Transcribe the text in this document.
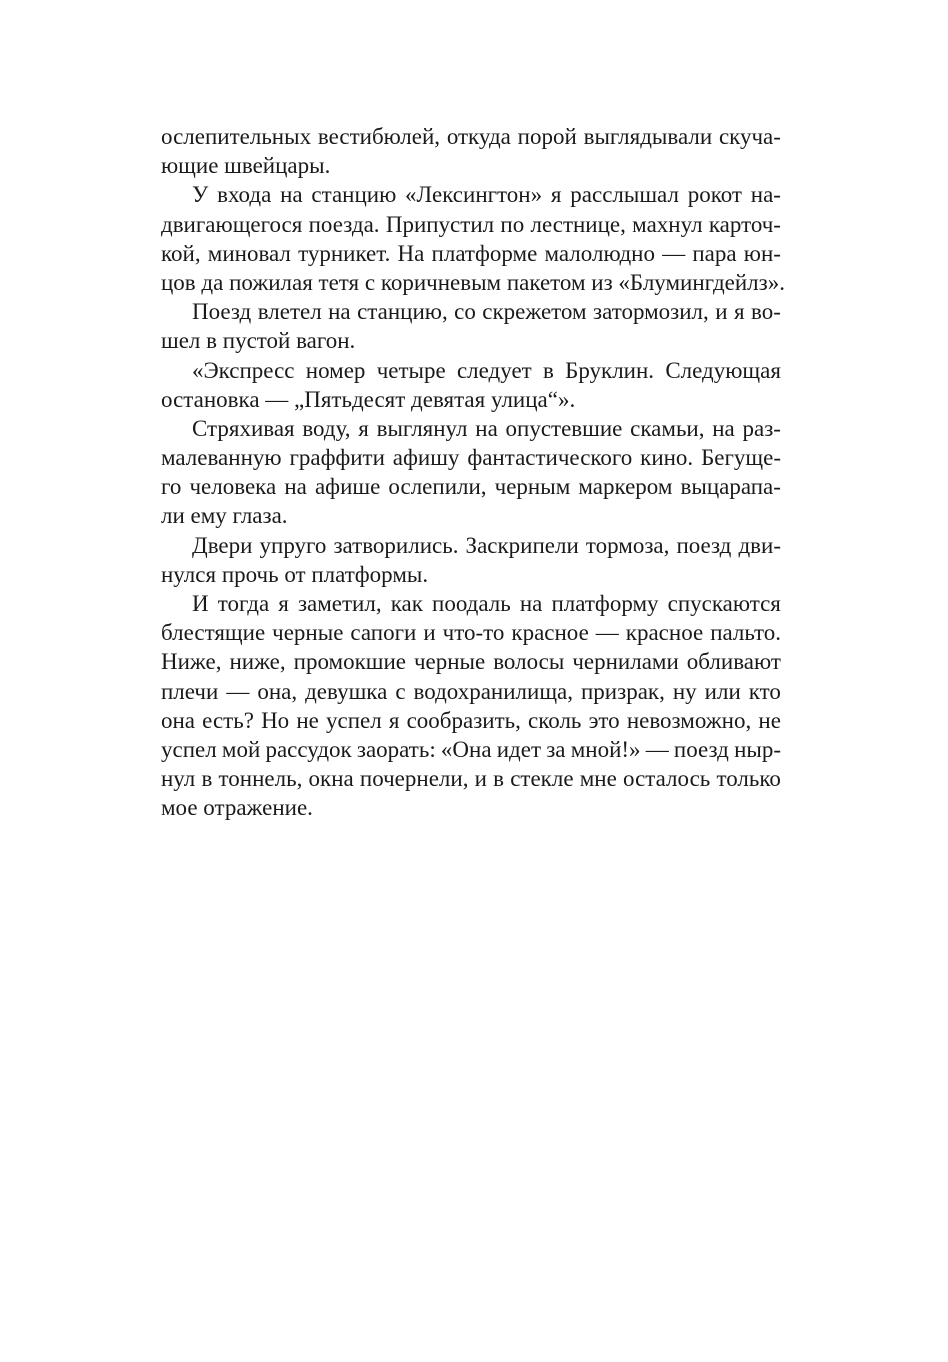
ослепительных вестибюлей, откуда порой выглядывали скуча-
ющие швейцары.
У входа на станцию «Лексингтон» я расслышал рокот на-
двигающегося поезда. Припустил по лестнице, махнул карточ-
кой, миновал турникет. На платформе малолюдно — пара юн-
цов да пожилая тетя с коричневым пакетом из «Блумингдейлз».
Поезд влетел на станцию, со скрежетом затормозил, и я во-
шел в пустой вагон.
«Экспресс номер четыре следует в Бруклин. Следующая
остановка — „Пятьдесят девятая улица“».
Стряхивая воду, я выглянул на опустевшие скамьи, на раз-
малеванную граффити афишу фантастического кино. Бегуще-
го человека на афише ослепили, черным маркером выцарапа-
ли ему глаза.
Двери упруго затворились. Заскрипели тормоза, поезд дви-
нулся прочь от платформы.
И тогда я заметил, как поодаль на платформу спускаются
блестящие черные сапоги и что-то красное — красное пальто.
Ниже, ниже, промокшие черные волосы чернилами обливают
плечи — она, девушка с водохранилища, призрак, ну или кто
она есть? Но не успел я сообразить, сколь это невозможно, не
успел мой рассудок заорать: «Она идет за мной!» — поезд ныр-
нул в тоннель, окна почернели, и в стекле мне осталось только
мое отражение.
